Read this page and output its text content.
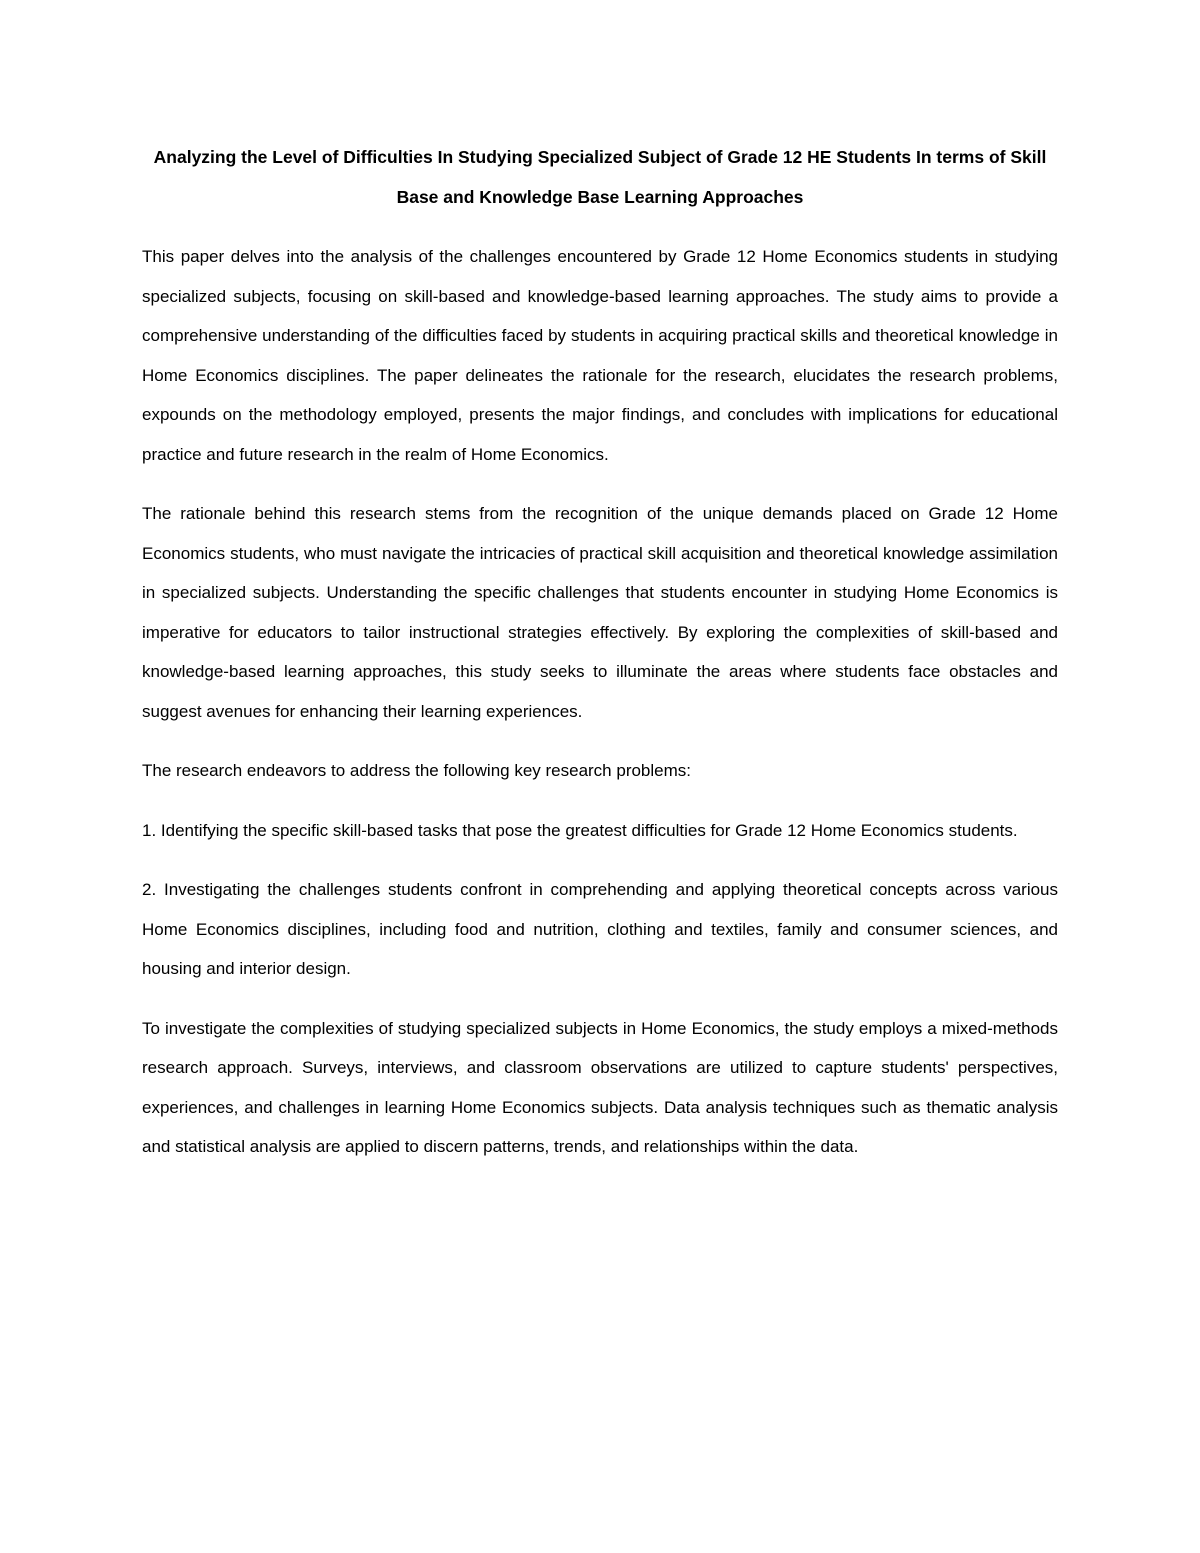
Analyzing the Level of Difficulties In Studying Specialized Subject of Grade 12 HE Students In terms of Skill Base and Knowledge Base Learning Approaches

This paper delves into the analysis of the challenges encountered by Grade 12 Home Economics students in studying specialized subjects, focusing on skill-based and knowledge-based learning approaches. The study aims to provide a comprehensive understanding of the difficulties faced by students in acquiring practical skills and theoretical knowledge in Home Economics disciplines. The paper delineates the rationale for the research, elucidates the research problems, expounds on the methodology employed, presents the major findings, and concludes with implications for educational practice and future research in the realm of Home Economics.

The rationale behind this research stems from the recognition of the unique demands placed on Grade 12 Home Economics students, who must navigate the intricacies of practical skill acquisition and theoretical knowledge assimilation in specialized subjects. Understanding the specific challenges that students encounter in studying Home Economics is imperative for educators to tailor instructional strategies effectively. By exploring the complexities of skill-based and knowledge-based learning approaches, this study seeks to illuminate the areas where students face obstacles and suggest avenues for enhancing their learning experiences.

The research endeavors to address the following key research problems:

1. Identifying the specific skill-based tasks that pose the greatest difficulties for Grade 12 Home Economics students.

2. Investigating the challenges students confront in comprehending and applying theoretical concepts across various Home Economics disciplines, including food and nutrition, clothing and textiles, family and consumer sciences, and housing and interior design.

To investigate the complexities of studying specialized subjects in Home Economics, the study employs a mixed-methods research approach. Surveys, interviews, and classroom observations are utilized to capture students' perspectives, experiences, and challenges in learning Home Economics subjects. Data analysis techniques such as thematic analysis and statistical analysis are applied to discern patterns, trends, and relationships within the data.
